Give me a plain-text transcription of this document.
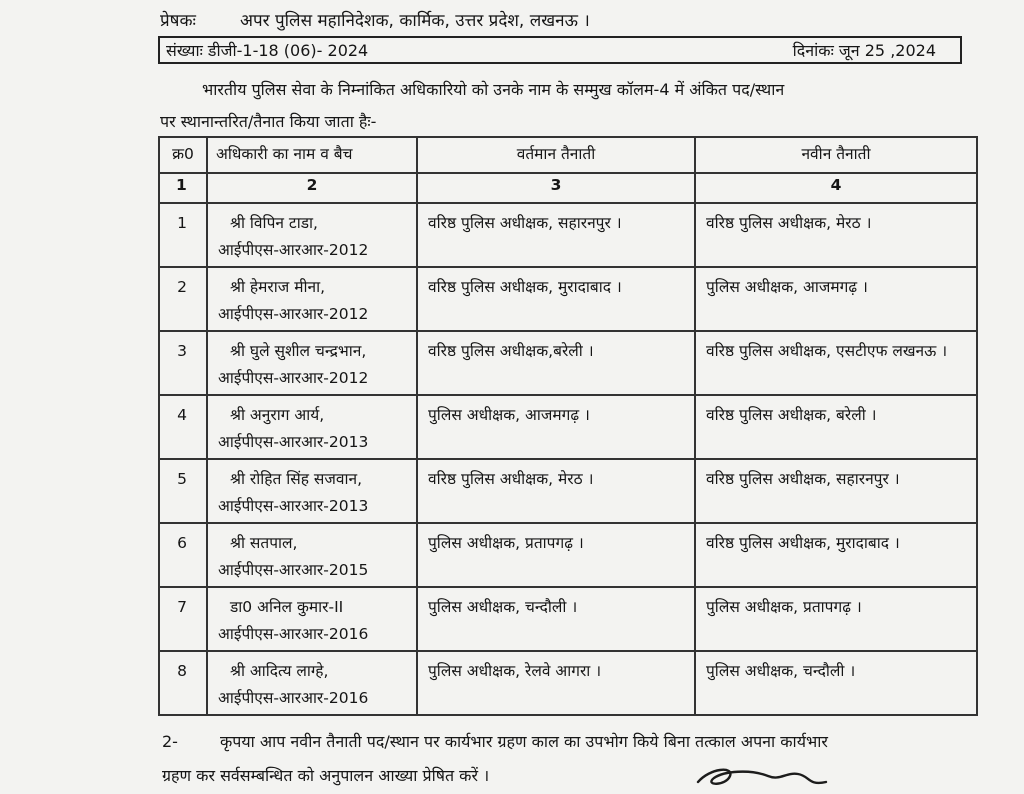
प्रेषकः	अपर पुलिस महानिदेशक, कार्मिक, उत्तर प्रदेश, लखनऊ ।
संख्याः डीजी-1-18 (06)- 2024	दिनांकः जून 25 ,2024
भारतीय पुलिस सेवा के निम्नांकित अधिकारियो को उनके नाम के सम्मुख कॉलम-4 में अंकित पद/स्थान
पर स्थानान्तरित/तैनात किया जाता हैः-
क्र0	अधिकारी का नाम व बैच	वर्तमान तैनाती	नवीन तैनाती
1	2	3	4
1	श्री विपिन टाडा,
आईपीएस-आरआर-2012	वरिष्ठ पुलिस अधीक्षक, सहारनपुर ।	वरिष्ठ पुलिस अधीक्षक, मेरठ ।
2	श्री हेमराज मीना,
आईपीएस-आरआर-2012	वरिष्ठ पुलिस अधीक्षक, मुरादाबाद ।	पुलिस अधीक्षक, आजमगढ़ ।
3	श्री घुले सुशील चन्द्रभान,
आईपीएस-आरआर-2012	वरिष्ठ पुलिस अधीक्षक,बरेली ।	वरिष्ठ पुलिस अधीक्षक, एसटीएफ लखनऊ ।
4	श्री अनुराग आर्य,
आईपीएस-आरआर-2013	पुलिस अधीक्षक, आजमगढ़ ।	वरिष्ठ पुलिस अधीक्षक, बरेली ।
5	श्री रोहित सिंह सजवान,
आईपीएस-आरआर-2013	वरिष्ठ पुलिस अधीक्षक, मेरठ ।	वरिष्ठ पुलिस अधीक्षक, सहारनपुर ।
6	श्री सतपाल,
आईपीएस-आरआर-2015	पुलिस अधीक्षक, प्रतापगढ़ ।	वरिष्ठ पुलिस अधीक्षक, मुरादाबाद ।
7	डा0 अनिल कुमार-II
आईपीएस-आरआर-2016	पुलिस अधीक्षक, चन्दौली ।	पुलिस अधीक्षक, प्रतापगढ़ ।
8	श्री आदित्य लाग्हे,
आईपीएस-आरआर-2016	पुलिस अधीक्षक, रेलवे आगरा ।	पुलिस अधीक्षक, चन्दौली ।
2-	कृपया आप नवीन तैनाती पद/स्थान पर कार्यभार ग्रहण काल का उपभोग किये बिना तत्काल अपना कार्यभार
ग्रहण कर सर्वसम्बन्धित को अनुपालन आख्या प्रेषित करें ।
